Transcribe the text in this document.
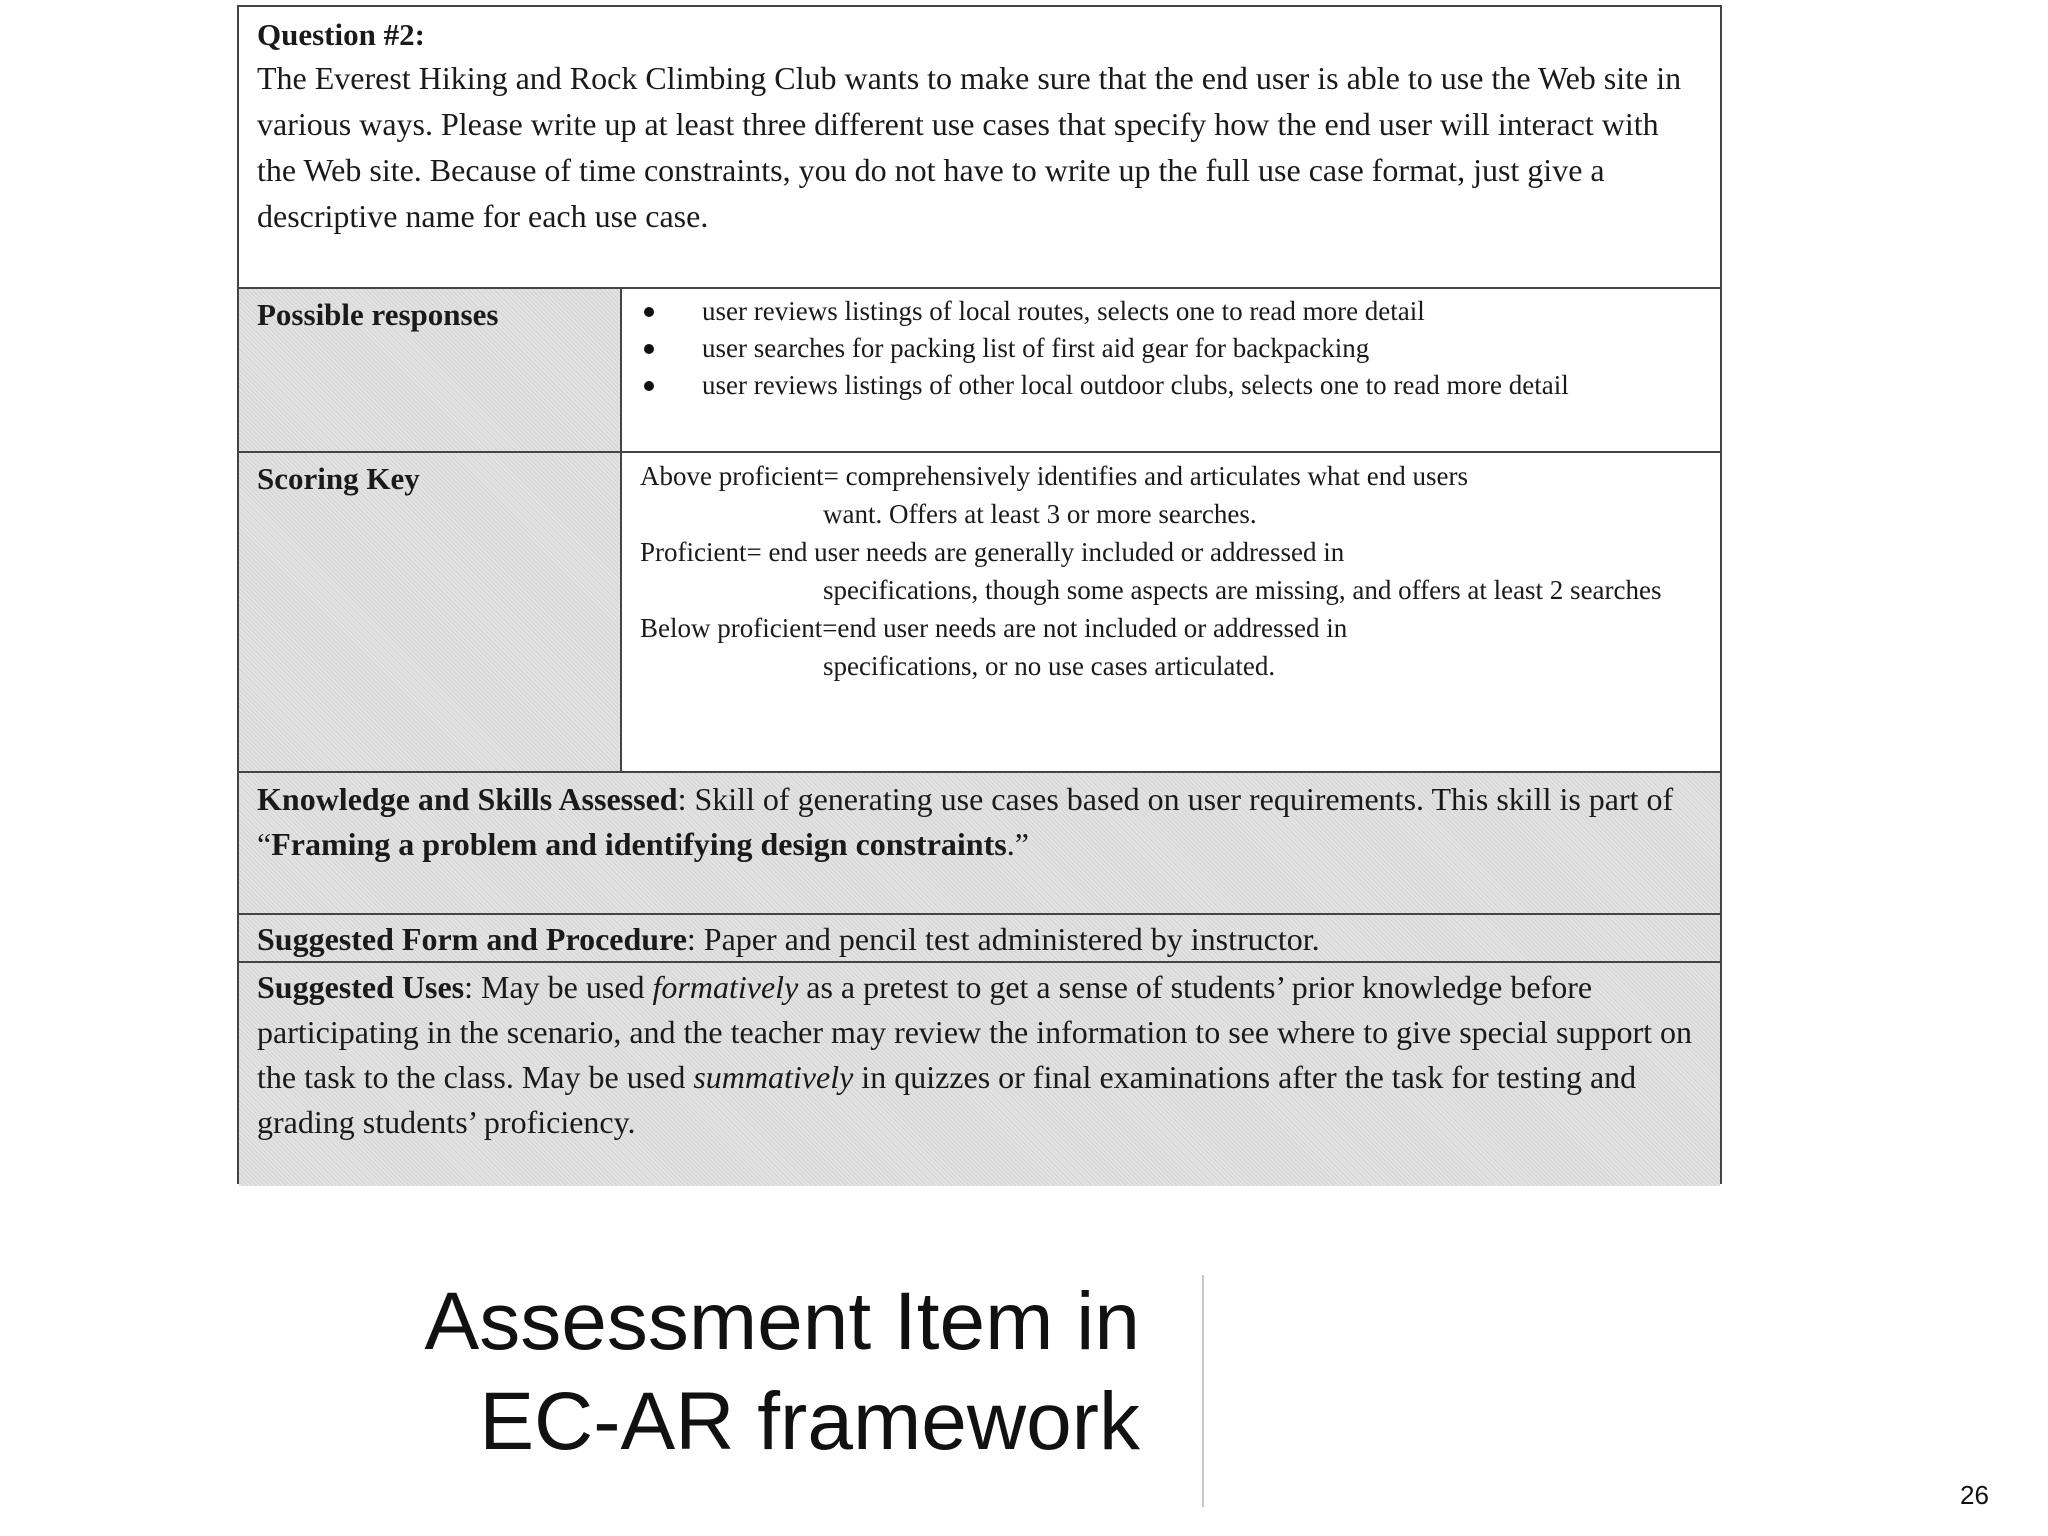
Question #2:

The Everest Hiking and Rock Climbing Club wants to make sure that the end user is able to use the Web site in various ways. Please write up at least three different use cases that specify how the end user will interact with the Web site. Because of time constraints, you do not have to write up the full use case format, just give a descriptive name for each use case.

Possible responses	user reviews listings of local routes, selects one to read more detail
user searches for packing list of first aid gear for backpacking
user reviews listings of other local outdoor clubs, selects one to read more detail
Scoring Key	Above proficient= comprehensively identifies and articulates what end users
want. Offers at least 3 or more searches.
Proficient= end user needs are generally included or addressed in
specifications, though some aspects are missing, and offers at least 2 searches
Below proficient=end user needs are not included or addressed in
specifications, or no use cases articulated.
Knowledge and Skills Assessed: Skill of generating use cases based on user requirements. This skill is part of “Framing a problem and identifying design constraints.”
Suggested Form and Procedure: Paper and pencil test administered by instructor.
Suggested Uses: May be used formatively as a pretest to get a sense of students’ prior knowledge before participating in the scenario, and the teacher may review the information to see where to give special support on the task to the class. May be used summatively in quizzes or final examinations after the task for testing and grading students’ proficiency.
Assessment Item in
EC-AR framework
26
